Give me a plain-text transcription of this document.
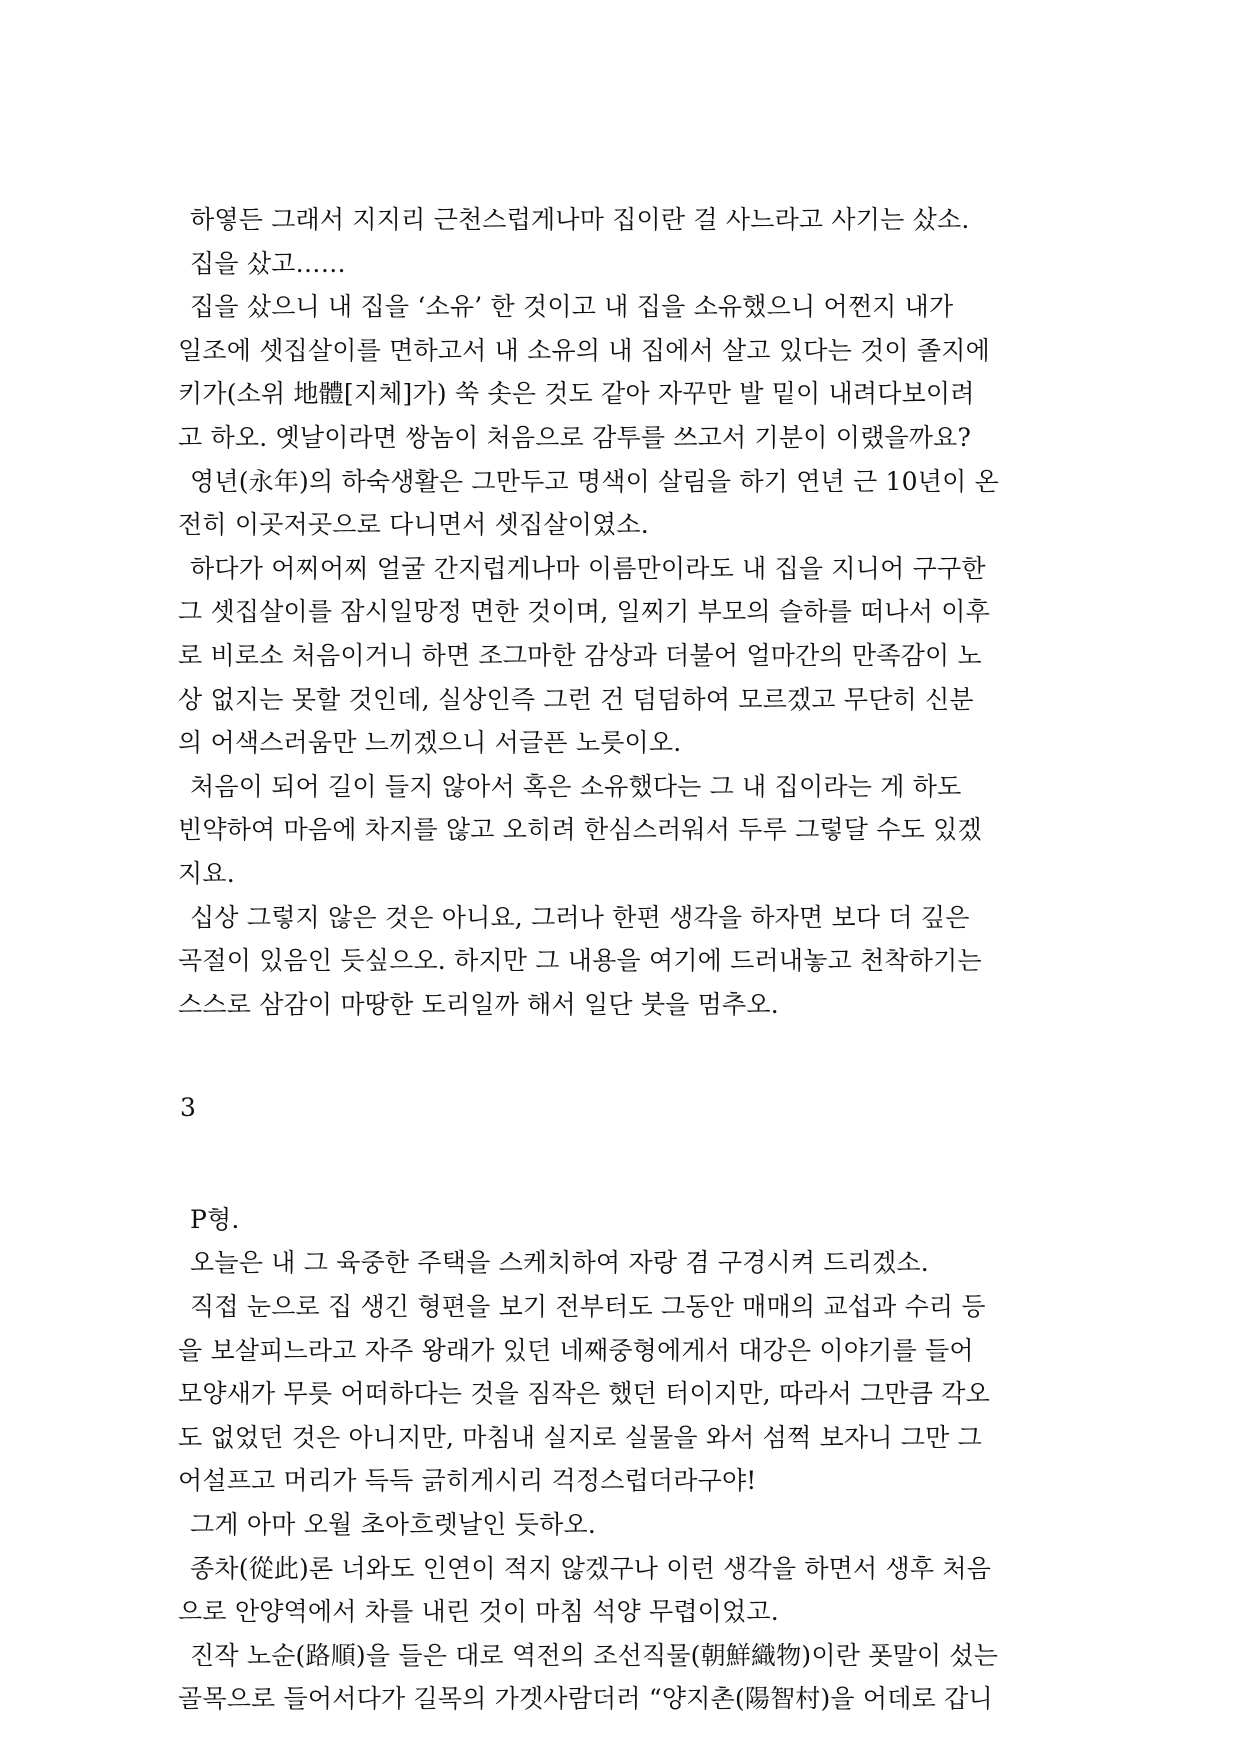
하옇든 그래서 지지리 근천스럽게나마 집이란 걸 사느라고 사기는 샀소.
집을 샀고……
집을 샀으니 내 집을 ‘소유’ 한 것이고 내 집을 소유했으니 어쩐지 내가
일조에 셋집살이를 면하고서 내 소유의 내 집에서 살고 있다는 것이 졸지에
키가(소위 地體[지체]가) 쑥 솟은 것도 같아 자꾸만 발 밑이 내려다보이려
고 하오. 옛날이라면 쌍놈이 처음으로 감투를 쓰고서 기분이 이랬을까요?
영년(永年)의 하숙생활은 그만두고 명색이 살림을 하기 연년 근 10년이 온
전히 이곳저곳으로 다니면서 셋집살이였소.
하다가 어찌어찌 얼굴 간지럽게나마 이름만이라도 내 집을 지니어 구구한
그 셋집살이를 잠시일망정 면한 것이며, 일찌기 부모의 슬하를 떠나서 이후
로 비로소 처음이거니 하면 조그마한 감상과 더불어 얼마간의 만족감이 노
상 없지는 못할 것인데, 실상인즉 그런 건 덤덤하여 모르겠고 무단히 신분
의 어색스러움만 느끼겠으니 서글픈 노릇이오.
처음이 되어 길이 들지 않아서 혹은 소유했다는 그 내 집이라는 게 하도
빈약하여 마음에 차지를 않고 오히려 한심스러워서 두루 그렇달 수도 있겠
지요.
십상 그렇지 않은 것은 아니요, 그러나 한편 생각을 하자면 보다 더 깊은
곡절이 있음인 듯싶으오. 하지만 그 내용을 여기에 드러내놓고 천착하기는
스스로 삼감이 마땅한 도리일까 해서 일단 붓을 멈추오.
3
P형.
오늘은 내 그 육중한 주택을 스케치하여 자랑 겸 구경시켜 드리겠소.
직접 눈으로 집 생긴 형편을 보기 전부터도 그동안 매매의 교섭과 수리 등
을 보살피느라고 자주 왕래가 있던 네째중형에게서 대강은 이야기를 들어
모양새가 무릇 어떠하다는 것을 짐작은 했던 터이지만, 따라서 그만큼 각오
도 없었던 것은 아니지만, 마침내 실지로 실물을 와서 섬쩍 보자니 그만 그
어설프고 머리가 득득 긁히게시리 걱정스럽더라구야!
그게 아마 오월 초아흐렛날인 듯하오.
종차(從此)론 너와도 인연이 적지 않겠구나 이런 생각을 하면서 생후 처음
으로 안양역에서 차를 내린 것이 마침 석양 무렵이었고.
진작 노순(路順)을 들은 대로 역전의 조선직물(朝鮮織物)이란 폿말이 섰는
골목으로 들어서다가 길목의 가겟사람더러 “양지촌(陽智村)을 어데로 갑니
